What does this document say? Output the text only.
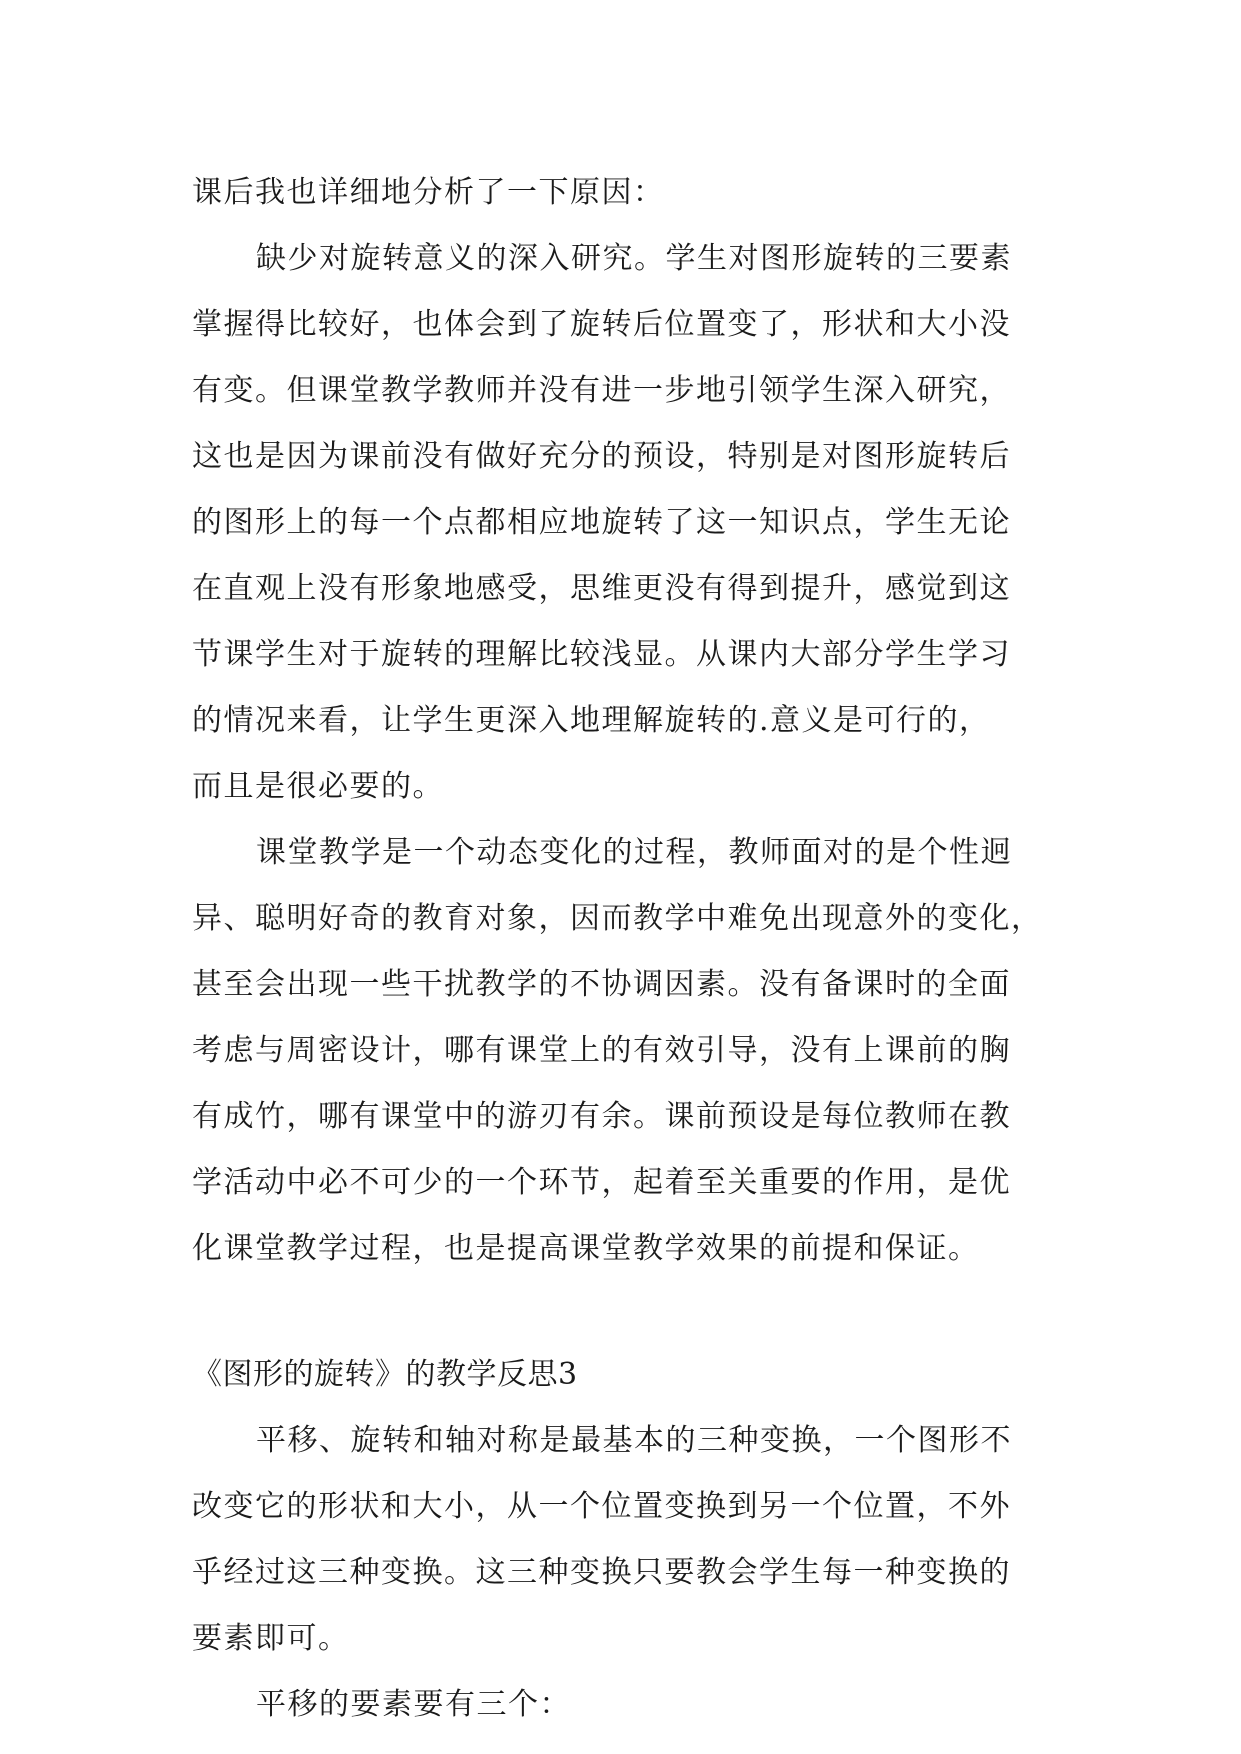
课后我也详细地分析了一下原因：
缺少对旋转意义的深入研究。学生对图形旋转的三要素
掌握得比较好，也体会到了旋转后位置变了，形状和大小没
有变。但课堂教学教师并没有进一步地引领学生深入研究，
这也是因为课前没有做好充分的预设，特别是对图形旋转后
的图形上的每一个点都相应地旋转了这一知识点，学生无论
在直观上没有形象地感受，思维更没有得到提升，感觉到这
节课学生对于旋转的理解比较浅显。从课内大部分学生学习
的情况来看，让学生更深入地理解旋转的.意义是可行的，
而且是很必要的。
课堂教学是一个动态变化的过程，教师面对的是个性迥
异、聪明好奇的教育对象，因而教学中难免出现意外的变化，
甚至会出现一些干扰教学的不协调因素。没有备课时的全面
考虑与周密设计，哪有课堂上的有效引导，没有上课前的胸
有成竹，哪有课堂中的游刃有余。课前预设是每位教师在教
学活动中必不可少的一个环节，起着至关重要的作用，是优
化课堂教学过程，也是提高课堂教学效果的前提和保证。
《图形的旋转》的教学反思3
平移、旋转和轴对称是最基本的三种变换，一个图形不
改变它的形状和大小，从一个位置变换到另一个位置，不外
乎经过这三种变换。这三种变换只要教会学生每一种变换的
要素即可。
平移的要素要有三个：
